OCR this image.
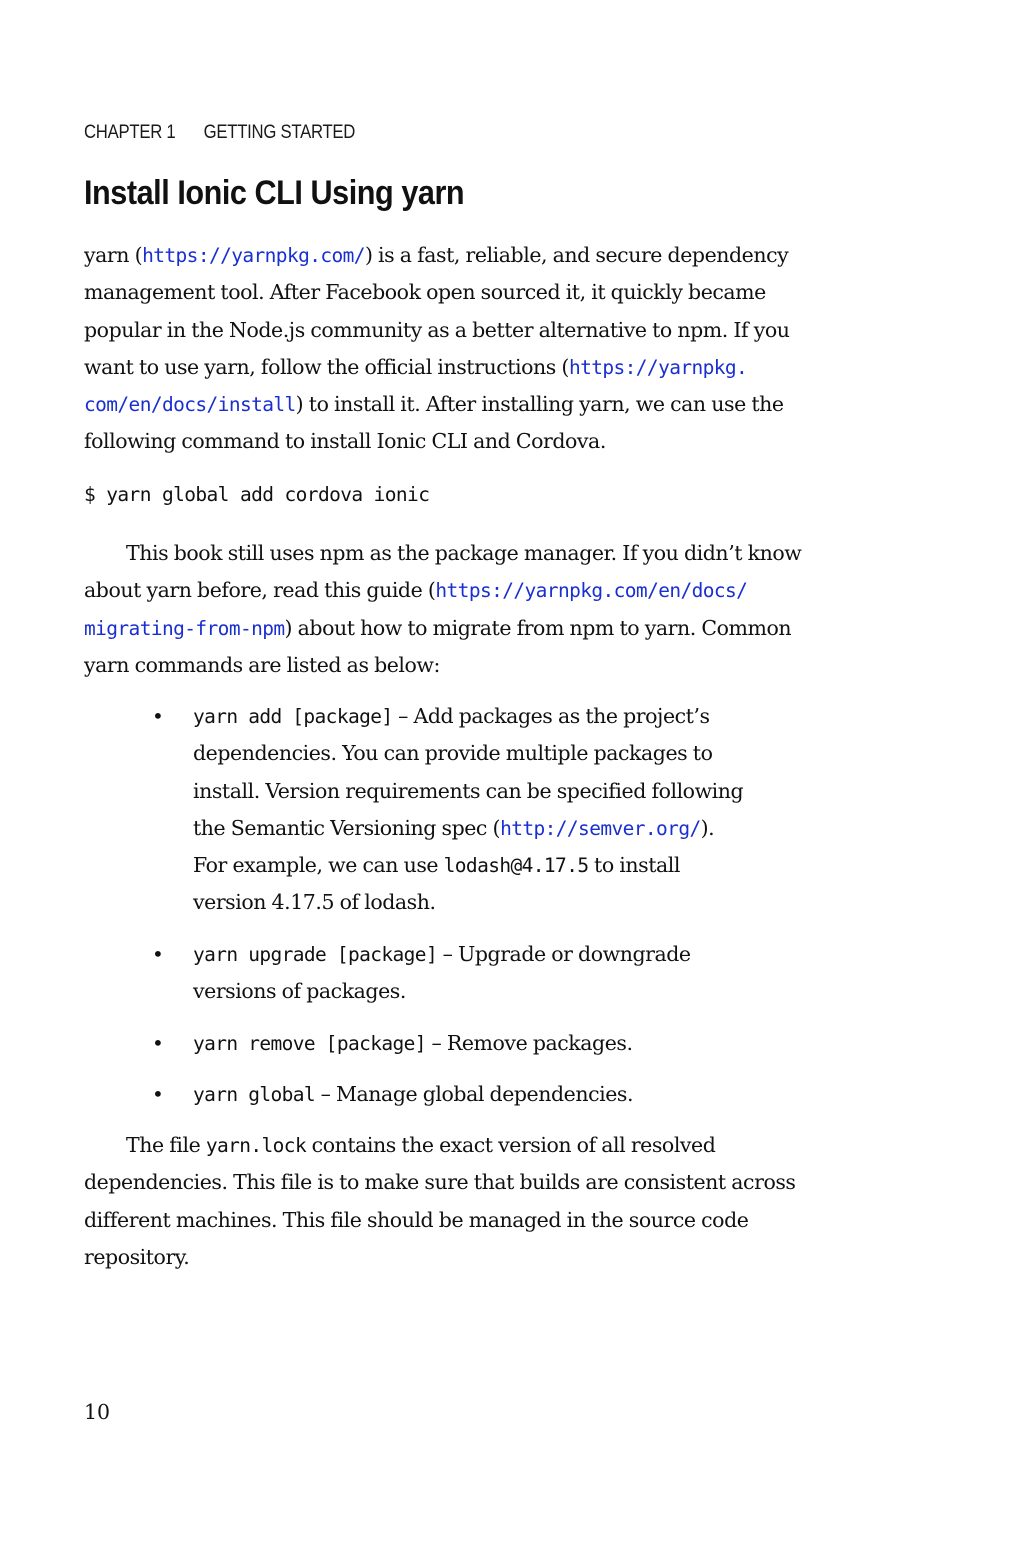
CHAPTER 1 GETTING STARTED
Install Ionic CLI Using yarn

yarn (https://yarnpkg.com/) is a fast, reliable, and secure dependency
management tool. After Facebook open sourced it, it quickly became
popular in the Node.js community as a better alternative to npm. If you
want to use yarn, follow the official instructions (https://yarnpkg.
com/en/docs/install) to install it. After installing yarn, we can use the
following command to install Ionic CLI and Cordova.

$ yarn global add cordova ionic

This book still uses npm as the package manager. If you didn’t know
about yarn before, read this guide (https://yarnpkg.com/en/docs/
migrating-from-npm) about how to migrate from npm to yarn. Common
yarn commands are listed as below:

• yarn add [package] – Add packages as the project’s
dependencies. You can provide multiple packages to
install. Version requirements can be specified following
the Semantic Versioning spec (http://semver.org/).
For example, we can use lodash@4.17.5 to install
version 4.17.5 of lodash.
• yarn upgrade [package] – Upgrade or downgrade
versions of packages.
• yarn remove [package] – Remove packages.
• yarn global – Manage global dependencies.

The file yarn.lock contains the exact version of all resolved
dependencies. This file is to make sure that builds are consistent across
different machines. This file should be managed in the source code
repository.

10
